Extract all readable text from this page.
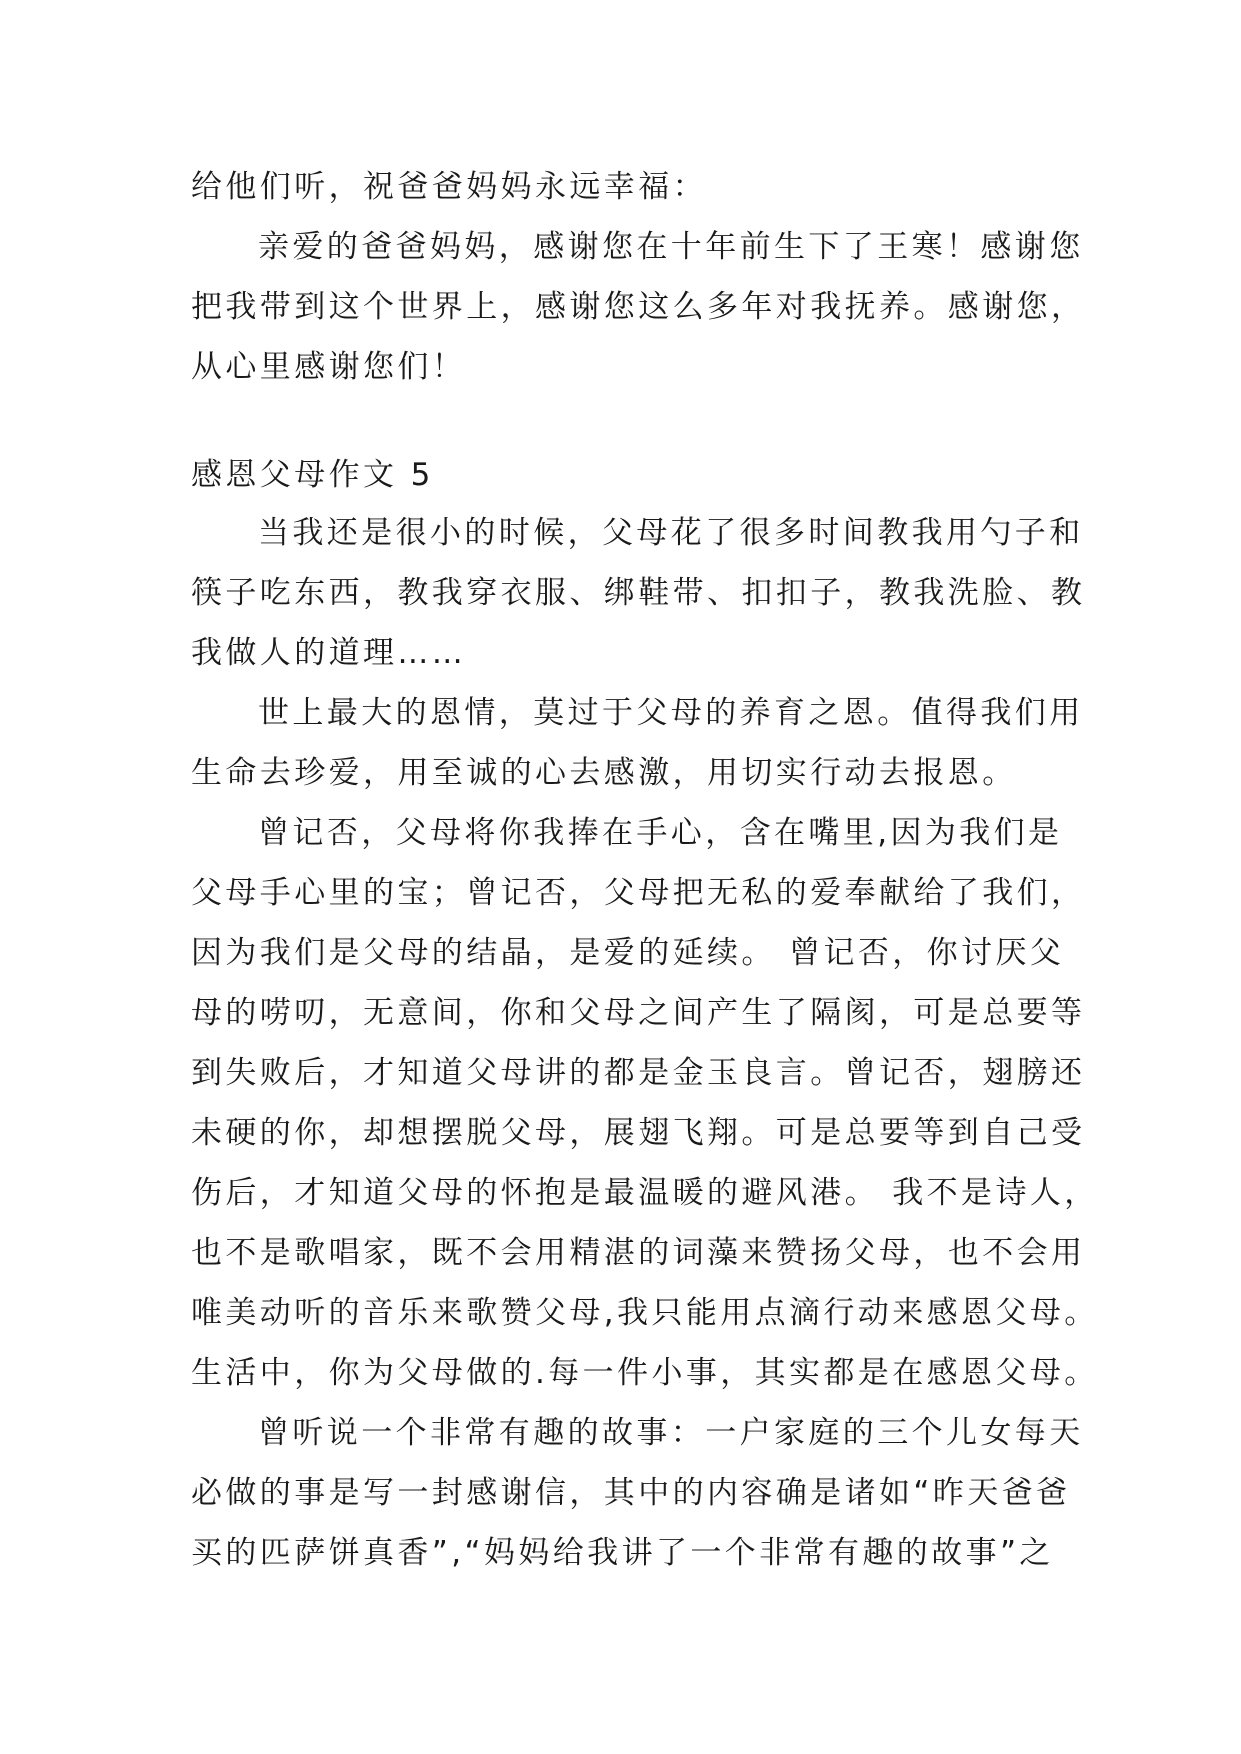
给他们听，祝爸爸妈妈永远幸福：
亲爱的爸爸妈妈，感谢您在十年前生下了王寒！感谢您
把我带到这个世界上，感谢您这么多年对我抚养。感谢您，
从心里感谢您们！
感恩父母作文 5
当我还是很小的时候，父母花了很多时间教我用勺子和
筷子吃东西，教我穿衣服、绑鞋带、扣扣子，教我洗脸、教
我做人的道理……
世上最大的恩情，莫过于父母的养育之恩。值得我们用
生命去珍爱，用至诚的心去感激，用切实行动去报恩。
曾记否，父母将你我捧在手心，含在嘴里,因为我们是
父母手心里的宝；曾记否，父母把无私的爱奉献给了我们，
因为我们是父母的结晶，是爱的延续。 曾记否，你讨厌父
母的唠叨，无意间，你和父母之间产生了隔阂，可是总要等
到失败后，才知道父母讲的都是金玉良言。曾记否，翅膀还
未硬的你，却想摆脱父母，展翅飞翔。可是总要等到自己受
伤后，才知道父母的怀抱是最温暖的避风港。 我不是诗人，
也不是歌唱家，既不会用精湛的词藻来赞扬父母，也不会用
唯美动听的音乐来歌赞父母,我只能用点滴行动来感恩父母。
生活中，你为父母做的.每一件小事，其实都是在感恩父母。
曾听说一个非常有趣的故事：一户家庭的三个儿女每天
必做的事是写一封感谢信，其中的内容确是诸如“昨天爸爸
买的匹萨饼真香”,“妈妈给我讲了一个非常有趣的故事”之
